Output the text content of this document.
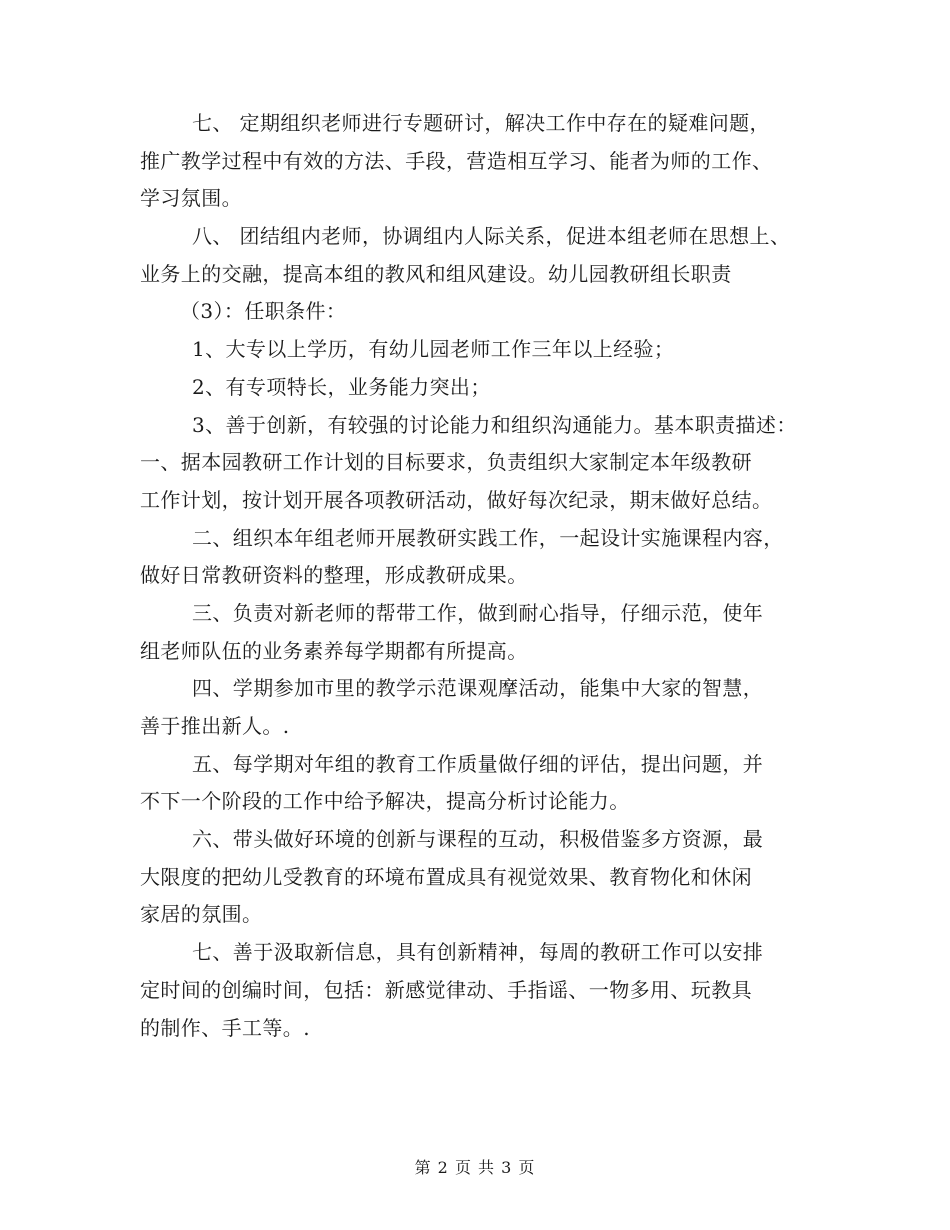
七、 定期组织老师进行专题研讨，解决工作中存在的疑难问题，
推广教学过程中有效的方法、手段，营造相互学习、能者为师的工作、
学习氛围。
八、 团结组内老师，协调组内人际关系，促进本组老师在思想上、
业务上的交融，提高本组的教风和组风建设。幼儿园教研组长职责
（3）：任职条件：
1、大专以上学历，有幼儿园老师工作三年以上经验；
2、有专项特长，业务能力突出；
3、善于创新，有较强的讨论能力和组织沟通能力。基本职责描述：
一、据本园教研工作计划的目标要求，负责组织大家制定本年级教研
工作计划，按计划开展各项教研活动，做好每次纪录，期末做好总结。
二、组织本年组老师开展教研实践工作，一起设计实施课程内容，
做好日常教研资料的整理，形成教研成果。
三、负责对新老师的帮带工作，做到耐心指导，仔细示范，使年
组老师队伍的业务素养每学期都有所提高。
四、学期参加市里的教学示范课观摩活动，能集中大家的智慧，
善于推出新人。.
五、每学期对年组的教育工作质量做仔细的评估，提出问题，并
不下一个阶段的工作中给予解决，提高分析讨论能力。
六、带头做好环境的创新与课程的互动，积极借鉴多方资源，最
大限度的把幼儿受教育的环境布置成具有视觉效果、教育物化和休闲
家居的氛围。
七、善于汲取新信息，具有创新精神，每周的教研工作可以安排
定时间的创编时间，包括：新感觉律动、手指谣、一物多用、玩教具
的制作、手工等。.
第 2 页 共 3 页
